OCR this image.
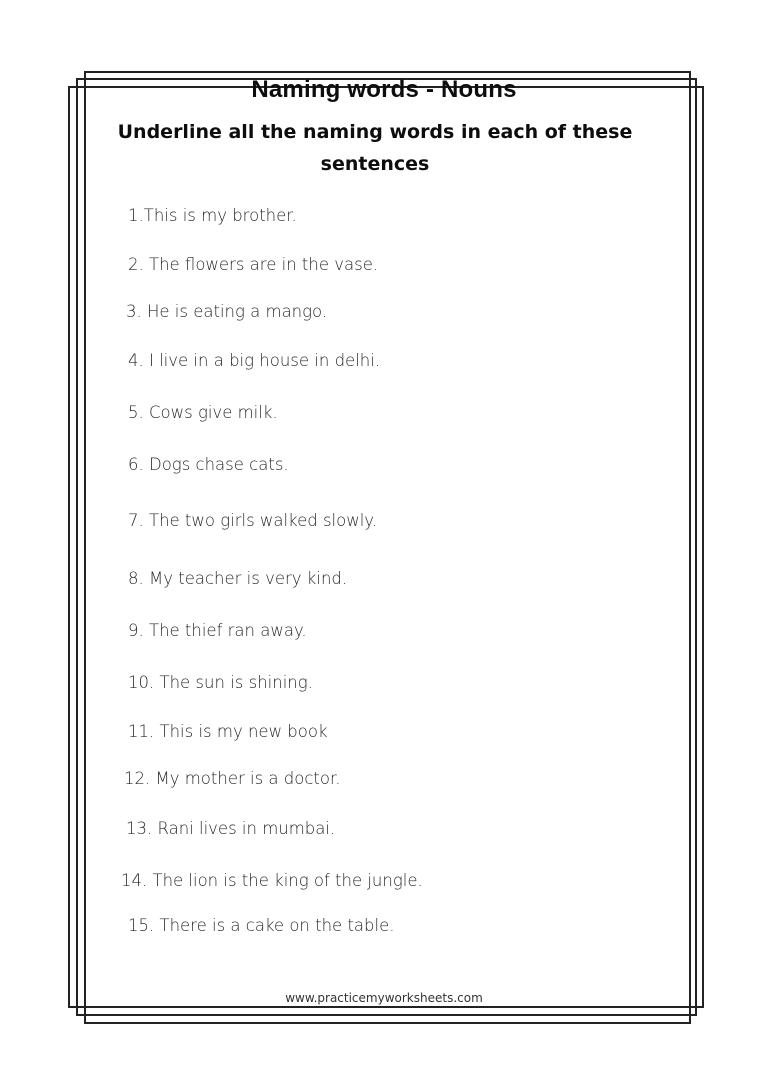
Naming words - Nouns
Underline all the naming words in each of these sentences
1.This is my brother.
2. The flowers are in the vase.
3. He is eating a mango.
4. I live in a big house in delhi.
5. Cows give milk.
6. Dogs chase cats.
7. The two girls walked slowly.
8. My teacher is very kind.
9. The thief ran away.
10. The sun is shining.
11. This is my new book
12. My mother is a doctor.
13. Rani lives in mumbai.
14. The lion is the king of the jungle.
15. There is a cake on the table.
www.practicemyworksheets.com
